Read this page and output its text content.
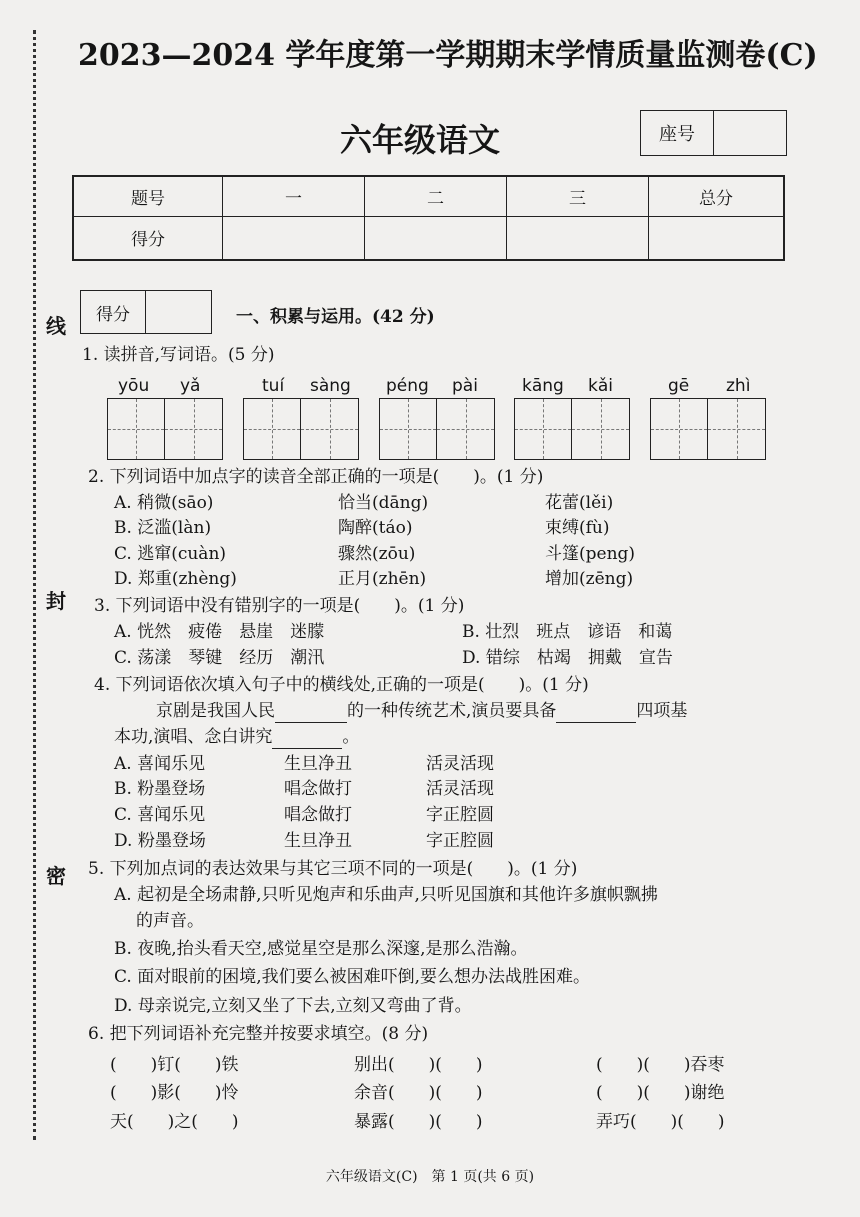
线
封
密
2023—2024 学年度第一学期期末学情质量监测卷(C)
六年级语文	座号
题号	一	二	三	总分
得分				
得分	一、积累与运用。(42 分)
1. 读拼音,写词语。(5 分)
yōu yǎ	tuí sàng péng pài	kāng kǎi	gē zhì
2. 下列词语中加点字的读音全部正确的一项是(　　)。(1 分)
A. 稍微(sāo)	恰当(dāng)	花蕾(lěi)
B. 泛滥(làn)	陶醉(táo)	束缚(fù)
C. 逃窜(cuàn)	骤然(zōu)	斗篷(peng)
D. 郑重(zhèng)	正月(zhēn)	增加(zēng)
3. 下列词语中没有错别字的一项是(　　)。(1 分)
A. 恍然　疲倦　悬崖　迷朦	B. 壮烈　班点　谚语　和蔼
C. 荡漾　琴键　经历　潮汛	D. 错综　枯竭　拥戴　宣告
4. 下列词语依次填入句子中的横线处,正确的一项是(　　)。(1 分)
京剧是我国人民	的一种传统艺术,演员要具备	四项基
本功,演唱、念白讲究	。
A. 喜闻乐见	生旦净丑	活灵活现
B. 粉墨登场	唱念做打	活灵活现
C. 喜闻乐见	唱念做打	字正腔圆
D. 粉墨登场	生旦净丑	字正腔圆
5. 下列加点词的表达效果与其它三项不同的一项是(　　)。(1 分)
A. 起初是全场肃静,只听见炮声和乐曲声,只听见国旗和其他许多旗帜飘拂
的声音。
B. 夜晚,抬头看天空,感觉星空是那么深邃,是那么浩瀚。
C. 面对眼前的困境,我们要么被困难吓倒,要么想办法战胜困难。
D. 母亲说完,立刻又坐了下去,立刻又弯曲了背。
6. 把下列词语补充完整并按要求填空。(8 分)
(　　)钉(　　)铁	别出(　　)(　　)	(　　)(　　)吞枣
(　　)影(　　)怜	余音(　　)(　　)	(　　)(　　)谢绝
天(　　)之(　　)	暴露(　　)(　　)	弄巧(　　)(　　)
六年级语文(C)　第 1 页(共 6 页)
